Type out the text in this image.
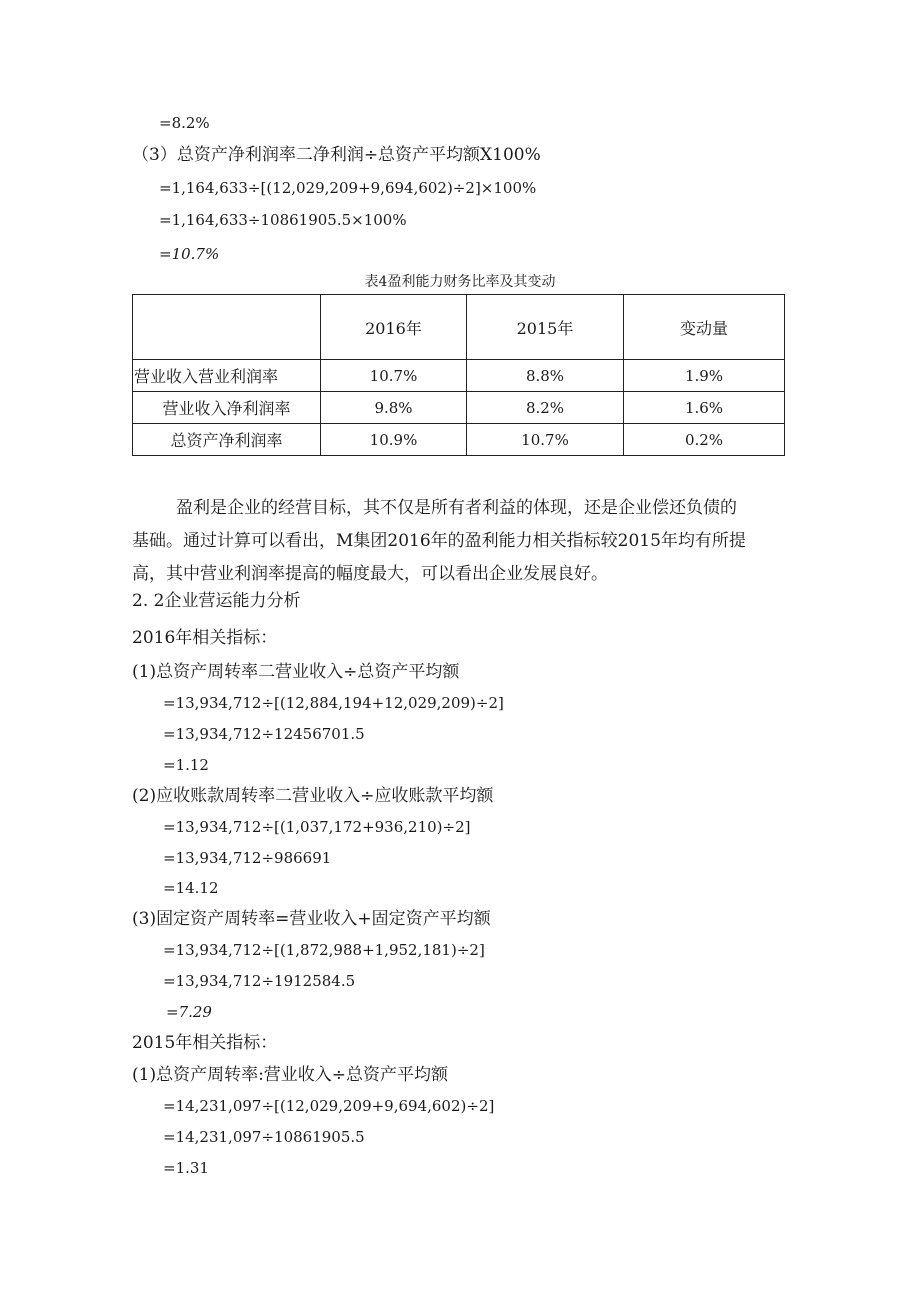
=8.2%
（3）总资产净利润率二净利润÷总资产平均额X100%
=1,164,633÷[(12,029,209+9,694,602)÷2]×100%
=1,164,633÷10861905.5×100%
=10.7%
表4盈利能力财务比率及其变动
	2016年	2015年	变动量
营业收入营业利润率	10.7%	8.8%	1.9%
营业收入净利润率	9.8%	8.2%	1.6%
总资产净利润率	10.9%	10.7%	0.2%
盈利是企业的经营目标，其不仅是所有者利益的体现，还是企业偿还负债的
基础。通过计算可以看出，M集团2016年的盈利能力相关指标较2015年均有所提
高，其中营业利润率提高的幅度最大，可以看出企业发展良好。
2. 2企业营运能力分析
2016年相关指标：
(1)总资产周转率二营业收入÷总资产平均额
=13,934,712÷[(12,884,194+12,029,209)÷2]
=13,934,712÷12456701.5
=1.12
(2)应收账款周转率二营业收入÷应收账款平均额
=13,934,712÷[(1,037,172+936,210)÷2]
=13,934,712÷986691
=14.12
(3)固定资产周转率=营业收入+固定资产平均额
=13,934,712÷[(1,872,988+1,952,181)÷2]
=13,934,712÷1912584.5
=7.29
2015年相关指标：
(1)总资产周转率:营业收入÷总资产平均额
=14,231,097÷[(12,029,209+9,694,602)÷2]
=14,231,097÷10861905.5
=1.31
